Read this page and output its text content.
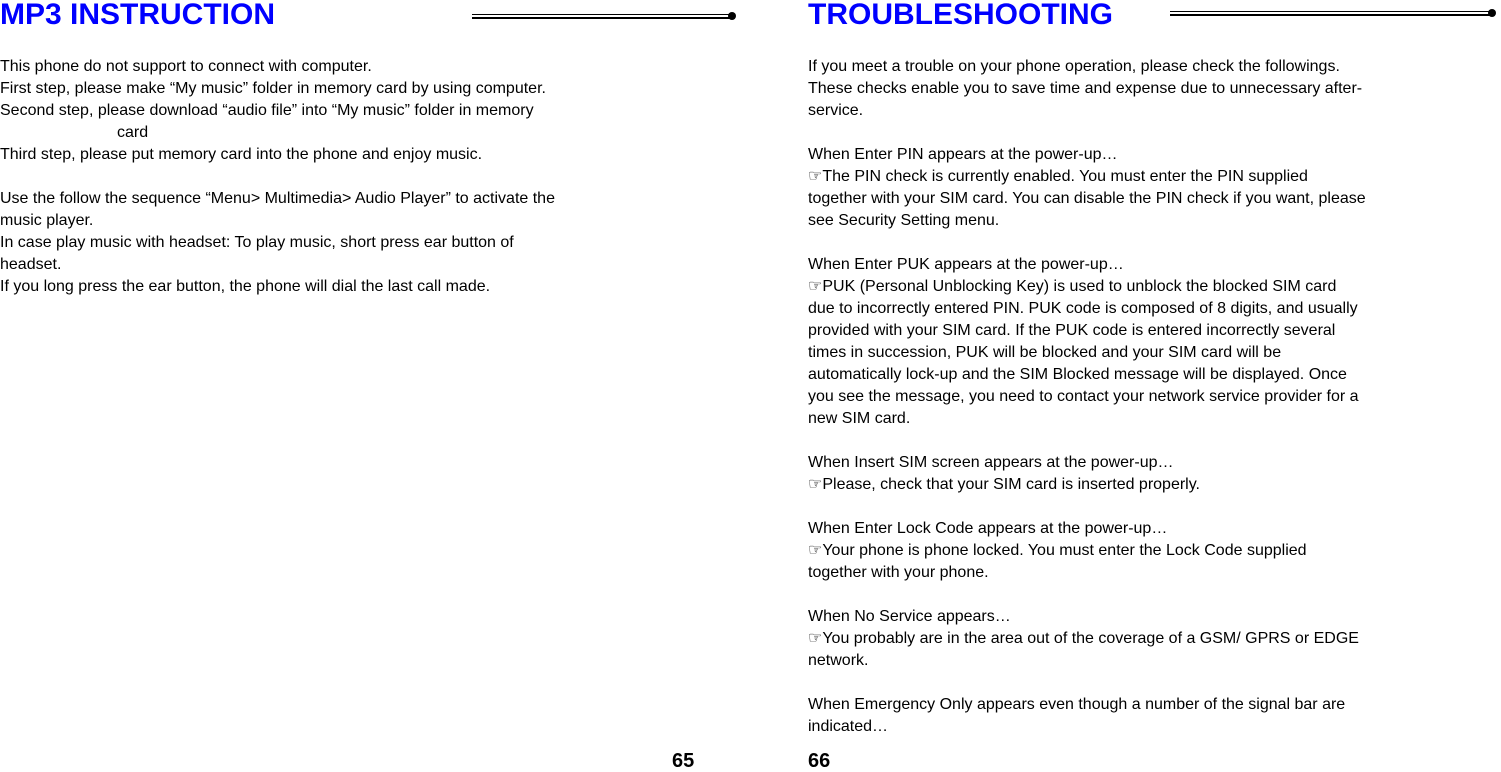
MP3 INSTRUCTION
This phone do not support to connect with computer.
First step, please make “My music” folder in memory card by using computer.
Second step, please download “audio file” into “My music” folder in memory
card
Third step, please put memory card into the phone and enjoy music.
Use the follow the sequence “Menu> Multimedia> Audio Player” to activate the
music player.
In case play music with headset: To play music, short press ear button of
headset.
If you long press the ear button, the phone will dial the last call made.
65
TROUBLESHOOTING
If you meet a trouble on your phone operation, please check the followings.
These checks enable you to save time and expense due to unnecessary after-
service.
When Enter PIN appears at the power-up…
☞The PIN check is currently enabled. You must enter the PIN supplied
together with your SIM card. You can disable the PIN check if you want, please
see Security Setting menu.
When Enter PUK appears at the power-up…
☞PUK (Personal Unblocking Key) is used to unblock the blocked SIM card
due to incorrectly entered PIN. PUK code is composed of 8 digits, and usually
provided with your SIM card. If the PUK code is entered incorrectly several
times in succession, PUK will be blocked and your SIM card will be
automatically lock-up and the SIM Blocked message will be displayed. Once
you see the message, you need to contact your network service provider for a
new SIM card.
When Insert SIM screen appears at the power-up…
☞Please, check that your SIM card is inserted properly.
When Enter Lock Code appears at the power-up…
☞Your phone is phone locked. You must enter the Lock Code supplied
together with your phone.
When No Service appears…
☞You probably are in the area out of the coverage of a GSM/ GPRS or EDGE
network.
When Emergency Only appears even though a number of the signal bar are
indicated…
66
